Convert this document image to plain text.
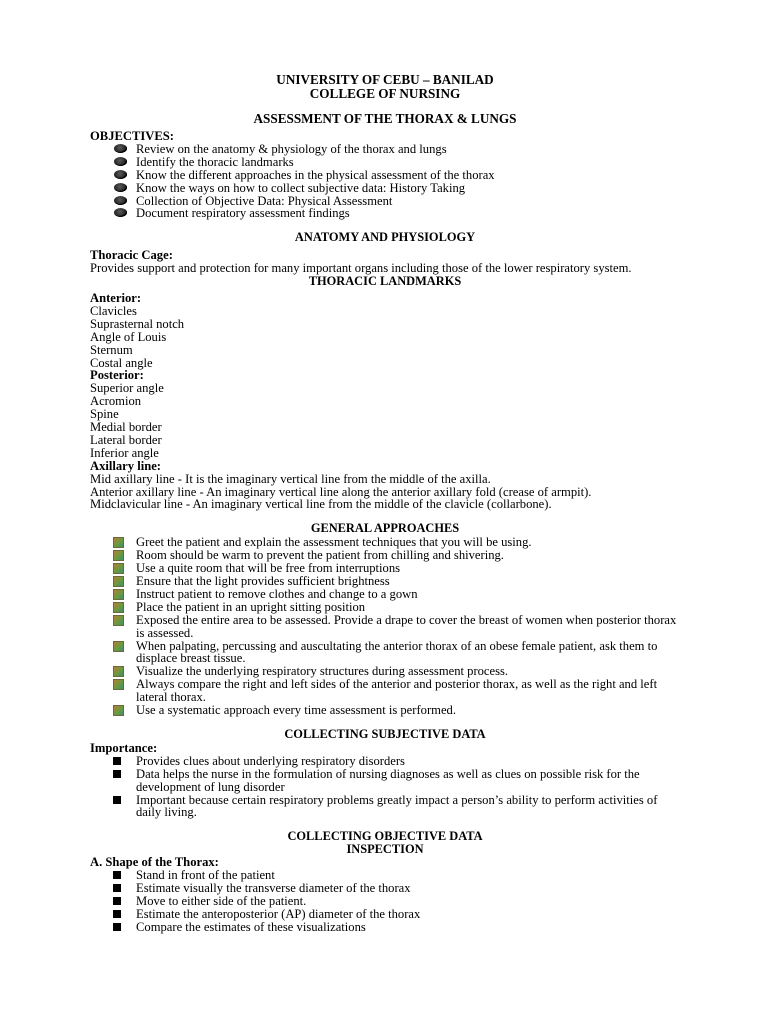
UNIVERSITY OF CEBU – BANILAD
COLLEGE OF NURSING
ASSESSMENT OF THE THORAX & LUNGS
OBJECTIVES:
Review on the anatomy & physiology of the thorax and lungs
Identify the thoracic landmarks
Know the different approaches in the physical assessment of the thorax
Know the ways on how to collect subjective data: History Taking
Collection of Objective Data: Physical Assessment
Document respiratory assessment findings
ANATOMY AND PHYSIOLOGY
Thoracic Cage:
Provides support and protection for many important organs including those of the lower respiratory system.
THORACIC LANDMARKS
Anterior:
Clavicles
Suprasternal notch
Angle of Louis
Sternum
Costal angle
Posterior:
Superior angle
Acromion
Spine
Medial border
Lateral border
Inferior angle
Axillary line:
Mid axillary line - It is the imaginary vertical line from the middle of the axilla.
Anterior axillary line - An imaginary vertical line along the anterior axillary fold (crease of armpit).
Midclavicular line - An imaginary vertical line from the middle of the clavicle (collarbone).
GENERAL APPROACHES
Greet the patient and explain the assessment techniques that you will be using.
Room should be warm to prevent the patient from chilling and shivering.
Use a quite room that will be free from interruptions
Ensure that the light provides sufficient brightness
Instruct patient to remove clothes and change to a gown
Place the patient in an upright sitting position
Exposed the entire area to be assessed. Provide a drape to cover the breast of women when posterior thorax is assessed.
When palpating, percussing and auscultating the anterior thorax of an obese female patient, ask them to displace breast tissue.
Visualize the underlying respiratory structures during assessment process.
Always compare the right and left sides of the anterior and posterior thorax, as well as the right and left lateral thorax.
Use a systematic approach every time assessment is performed.
COLLECTING SUBJECTIVE DATA
Importance:
Provides clues about underlying respiratory disorders
Data helps the nurse in the formulation of nursing diagnoses as well as clues on possible risk for the development of lung disorder
Important because certain respiratory problems greatly impact a person’s ability to perform activities of daily living.
COLLECTING OBJECTIVE DATA
INSPECTION
A. Shape of the Thorax:
Stand in front of the patient
Estimate visually the transverse diameter of the thorax
Move to either side of the patient.
Estimate the anteroposterior (AP) diameter of the thorax
Compare the estimates of these visualizations
